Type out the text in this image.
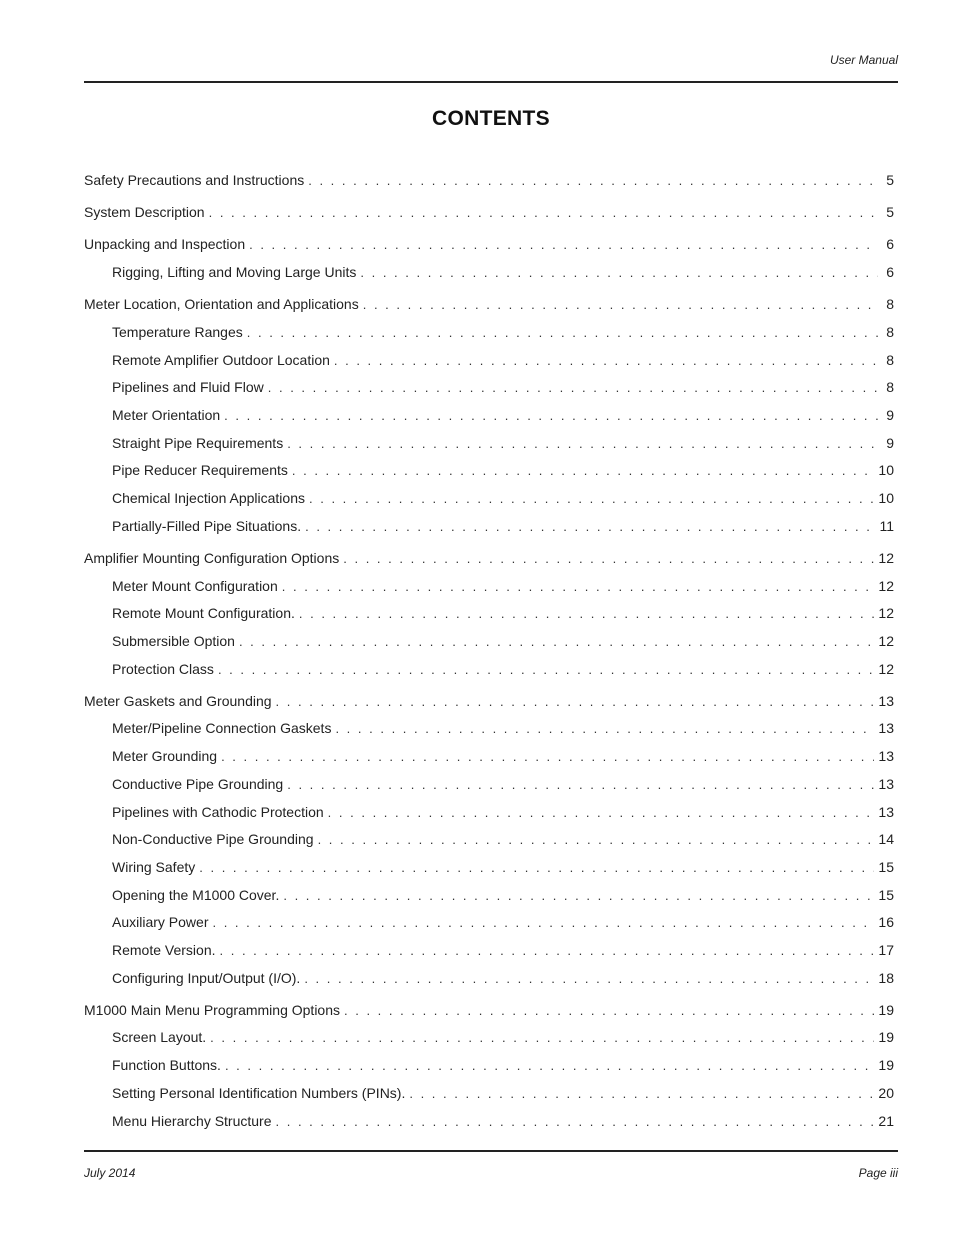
User Manual
CONTENTS
Safety Precautions and Instructions . . .	5
System Description . . .	5
Unpacking and Inspection . . .	6
Rigging, Lifting and Moving Large Units . . .	6
Meter Location, Orientation and Applications . . .	8
Temperature Ranges . . .	8
Remote Amplifier Outdoor Location . . .	8
Pipelines and Fluid Flow . . .	8
Meter Orientation . . .	9
Straight Pipe Requirements . . .	9
Pipe Reducer Requirements . . .	10
Chemical Injection Applications . . .	10
Partially-Filled Pipe Situations. . . .	11
Amplifier Mounting Configuration Options . . .	12
Meter Mount Configuration . . .	12
Remote Mount Configuration. . . .	12
Submersible Option . . .	12
Protection Class . . .	12
Meter Gaskets and Grounding . . .	13
Meter/Pipeline Connection Gaskets . . .	13
Meter Grounding . . .	13
Conductive Pipe Grounding . . .	13
Pipelines with Cathodic Protection . . .	13
Non-Conductive Pipe Grounding . . .	14
Wiring Safety . . .	15
Opening the M1000 Cover. . . .	15
Auxiliary Power . . .	16
Remote Version. . . .	17
Configuring Input/Output (I/O). . . .	18
M1000 Main Menu Programming Options . . .	19
Screen Layout. . . .	19
Function Buttons. . . .	19
Setting Personal Identification Numbers (PINs). . . .	20
Menu Hierarchy Structure . . .	21
July 2014	Page iii
